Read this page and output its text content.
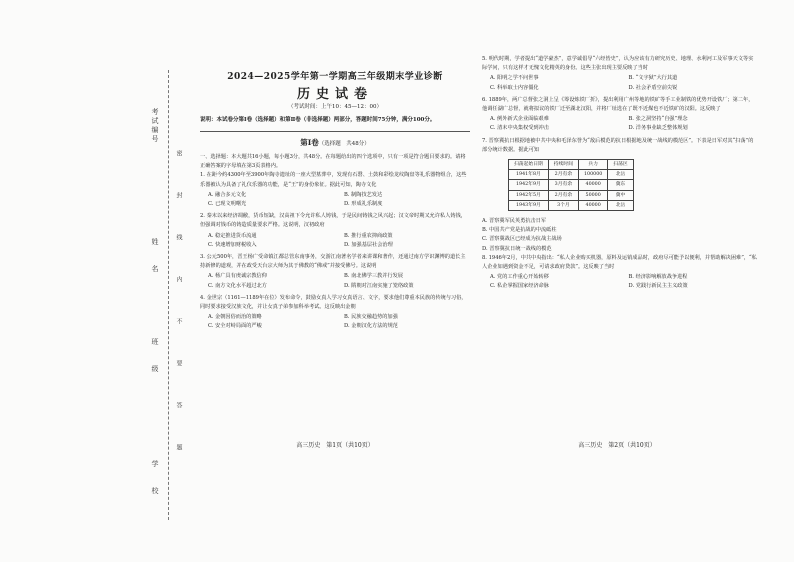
考试编号
姓　　名
班　　级
学　　校
密　　封　　线　　内　　不　　要　　答　　题
2024—2025学年第一学期高三年级期末学业诊断
历史试卷
（考试时间：上午10：45—12：00）
说明：本试卷分第Ⅰ卷（选择题）和第Ⅱ卷（非选择题）两部分，答题时间75分钟，满分100分。
第Ⅰ卷（选择题　共48分）

一、选择题：本大题共16小题，每小题3分，共48分。在每题给出的四个选项中，只有一项是符合题目要求的。请将正确答案的字母填在第3页表格内。

1. 在距今约4300年至3900年陶寺遗址的一座大型墓葬中，发现有石磬、土鼓和彩绘龙纹陶盘等礼乐器物组合，这些乐器被认为具备了礼仪乐器的功能，是“王”的身份象征。据此可知，陶寺文化

A. 融合多元文化	B. 制陶技艺发达
C. 已现文明曙光	D. 形成礼乐制度

2. 秦末以来经济凋敝，货币短缺，汉高祖下令允许私人铸钱，于是民间铸钱之风兴起；汉文帝时期又允许私人铸钱，但强调对钱币的铸造质量要求严格。这说明，汉初政府

A. 稳定推进货币流通	B. 推行重农抑商政策
C. 快速增加财税收入	D. 加强基层社会治理

3. 公元500年，晋王杨广受命镇江都总管东南事务，交游江南著名学者来讲课和著作，还通过南方学识渊博的道长主持新修的道观，并在政受天台宗大师为其于佛教的“佛戒”并接受佛号。这说明

A. 杨广具有虔诚宗教信仰	B. 南北佛学三教并行发展
C. 南方文化水平超过北方	D. 隋朝对江南实施了笼络政策

4. 金世宗（1161—1189年在位）发布命令，鼓励女真人学习女真语言、文字，要求他们尊重本民族的传统与习俗，同时要求接受汉族文化，并让女真子弟参加科举考试。这反映出金朝

A. 金朝因俗而治的策略	B. 民族交融趋势的加强
C. 安全对峙局面的严峻	D. 金朝汉化方法的规范
高三历史　第1页（共10页）

5. 明代时期，学者提出“道学豪杰”，意学诚倡导“六经皆史”，认为应该有力研究历史、地理、水利河工及军事天文等实际学问，只有这样才无愧文化精英的身份。这些主张出现主要反映了当时

A. 阳明之学不问世事	B. “文字狱”大行其道
C. 科举取士内容僵化	D. 社会矛盾空前尖锐

6. 1889年，两广总督张之洞上呈《筹设炼铁厂折》，提出利用广州等地的铁矿等手工业制铁的优势开设铁厂；第二年，他调任湖广总督，就将拟议的铁厂迁至湖北汉阳，并将厂址选在了既不近煤也不近铁矿的汉阳。这反映了

A. 例外新式企业面临艰难	B. 张之洞坚持“自强”理念
C. 清末中央集权受到冲击	D. 洋务事业缺乏整体规划

7. 晋察冀抗日根据地被中共中央和毛泽东誉为“敌后模范的抗日根据地及统一战线的模范区”。下表是日军对其“扫荡”的部分统计数据。据此可知

扫荡起始日期	持续时间	兵力	扫荡区
1941年8月	2月有余	100000	北岳
1942年9月	3月有余	40000	冀东
1942年5月	2月有余	50000	冀中
1943年9月	3个月	40000	北岳

A. 晋察冀军民英勇抗击日军

B. 中国共产党是抗战的中流砥柱

C. 晋察冀战区已经成为抗战主战场

D. 晋察冀抗日统一战线的模范

8. 1946年2月，中共中央指出：“私人企业购买机器，原料及运销成品时，政府尽可能予以便利，并帮助解决困难”，“私人企业如遇到资金不足，可请求政府贷款”。这反映了当时

A. 党的工作重心开始转移	B. 经济影响解放战争进程
C. 私企掌握国家经济命脉	D. 党践行新民主主义政策
高三历史　第2页（共10页）
